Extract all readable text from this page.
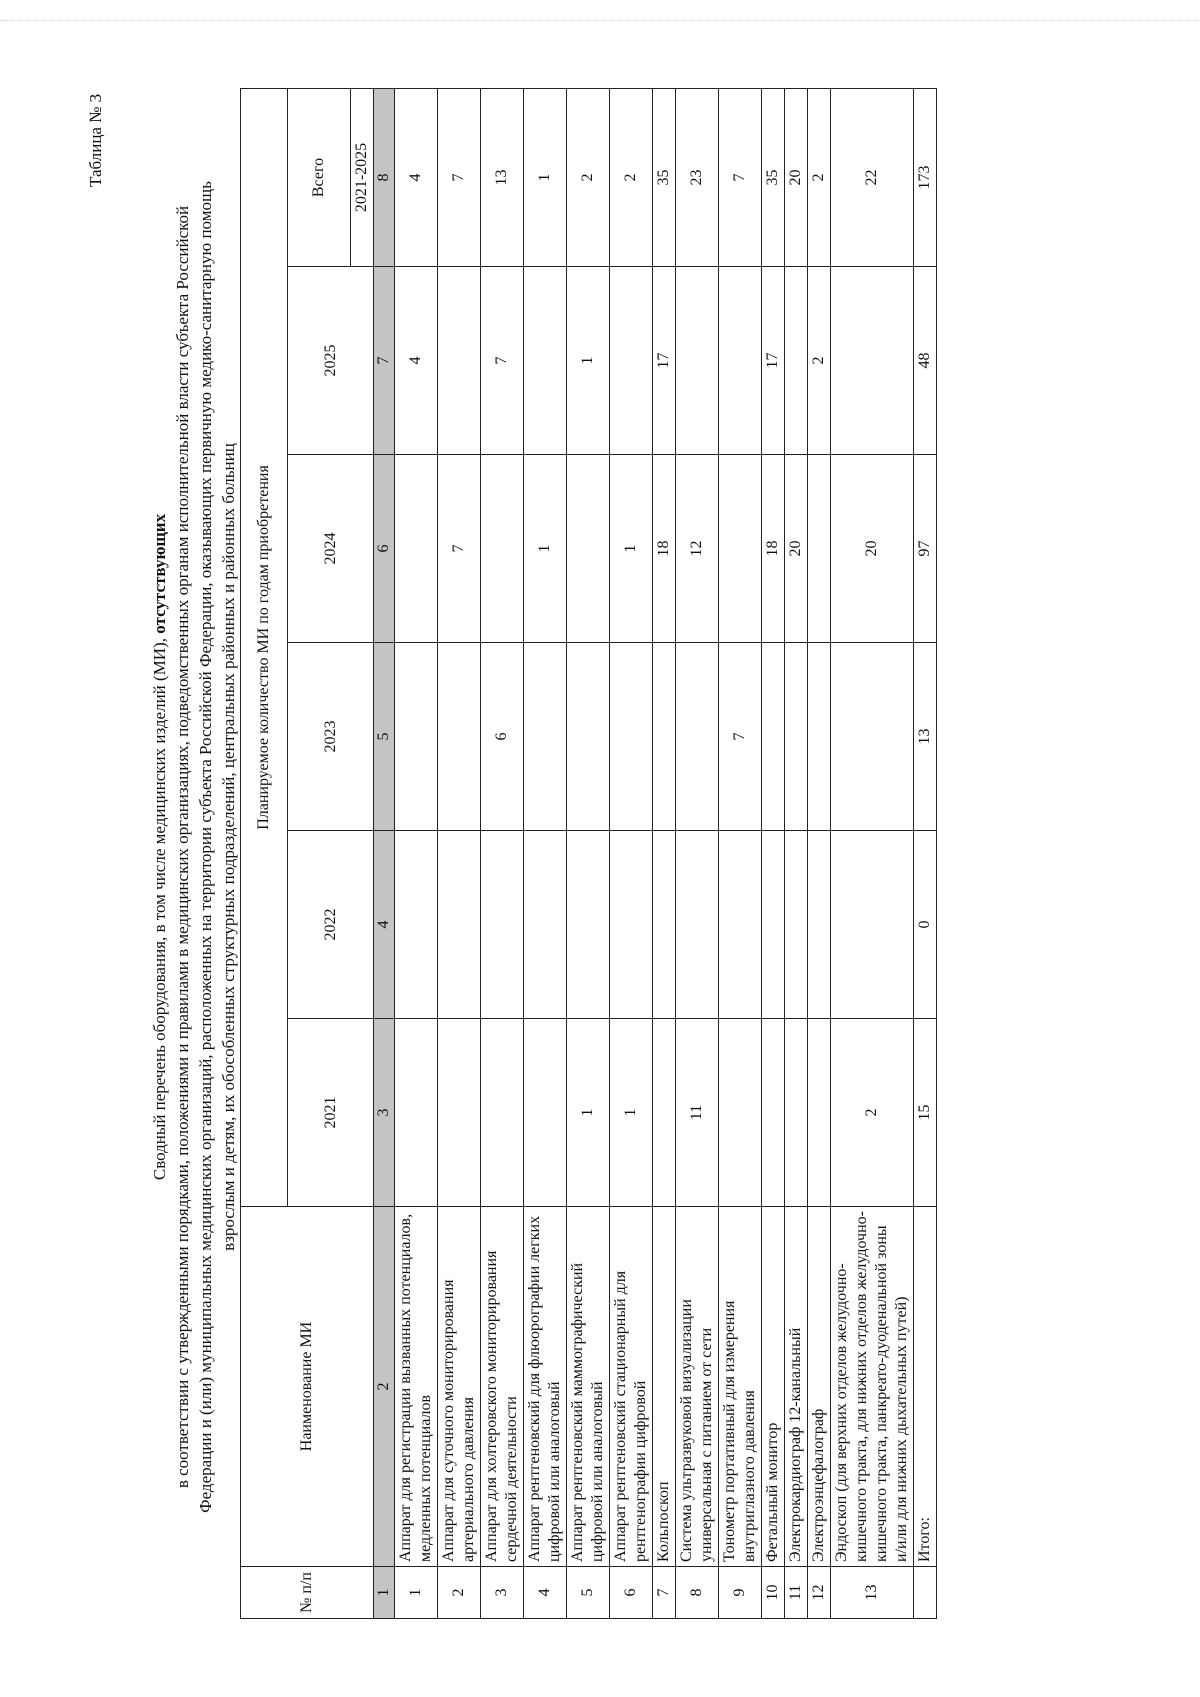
Таблица № 3
Сводный перечень оборудования, в том числе медицинских изделий (МИ), отсутствующих в соответствии с утвержденными порядками, положениями и правилами в медицинских организациях, подведомственных органам исполнительной власти субъекта Российской Федерации и (или) муниципальных медицинских организаций, расположенных на территории субъекта Российской Федерации, оказывающих первичную медико-санитарную помощь взрослым и детям, их обособленных структурных подразделений, центральных районных и районных больниц
№ п/п	Наименование МИ	Планируемое количество МИ по годам приобретения					
		2021	2022	2023	2024	2025	Всего
							2021-2025
1	2	3	4	5	6	7	8
1	Аппарат для регистрации вызванных потенциалов, медленных потенциалов					4	4
2	Аппарат для суточного мониторирования артериального давления				7		7
3	Аппарат для холтеровского мониторирования сердечной деятельности			6		7	13
4	Аппарат рентгеновский для флюорографии легких цифровой или аналоговый				1		1
5	Аппарат рентгеновский маммографический цифровой или аналоговый	1				1	2
6	Аппарат рентгеновский стационарный для рентгенографии цифровой	1			1		2
7	Кольпоскоп				18	17	35
8	Система ультразвуковой визуализации универсальная с питанием от сети	11			12		23
9	Тонометр портативный для измерения внутриглазного давления			7			7
10	Фетальный монитор				18	17	35
11	Электрокардиограф 12-канальный				20		20
12	Электроэнцефалограф					2	2
13	Эндоскоп (для верхних отделов желудочно-кишечного тракта, для нижних отделов желудочно-кишечного тракта, панкреато-дуоденальной зоны и/или для нижних дыхательных путей)	2			20		22
	Итого:	15	0	13	97	48	173
